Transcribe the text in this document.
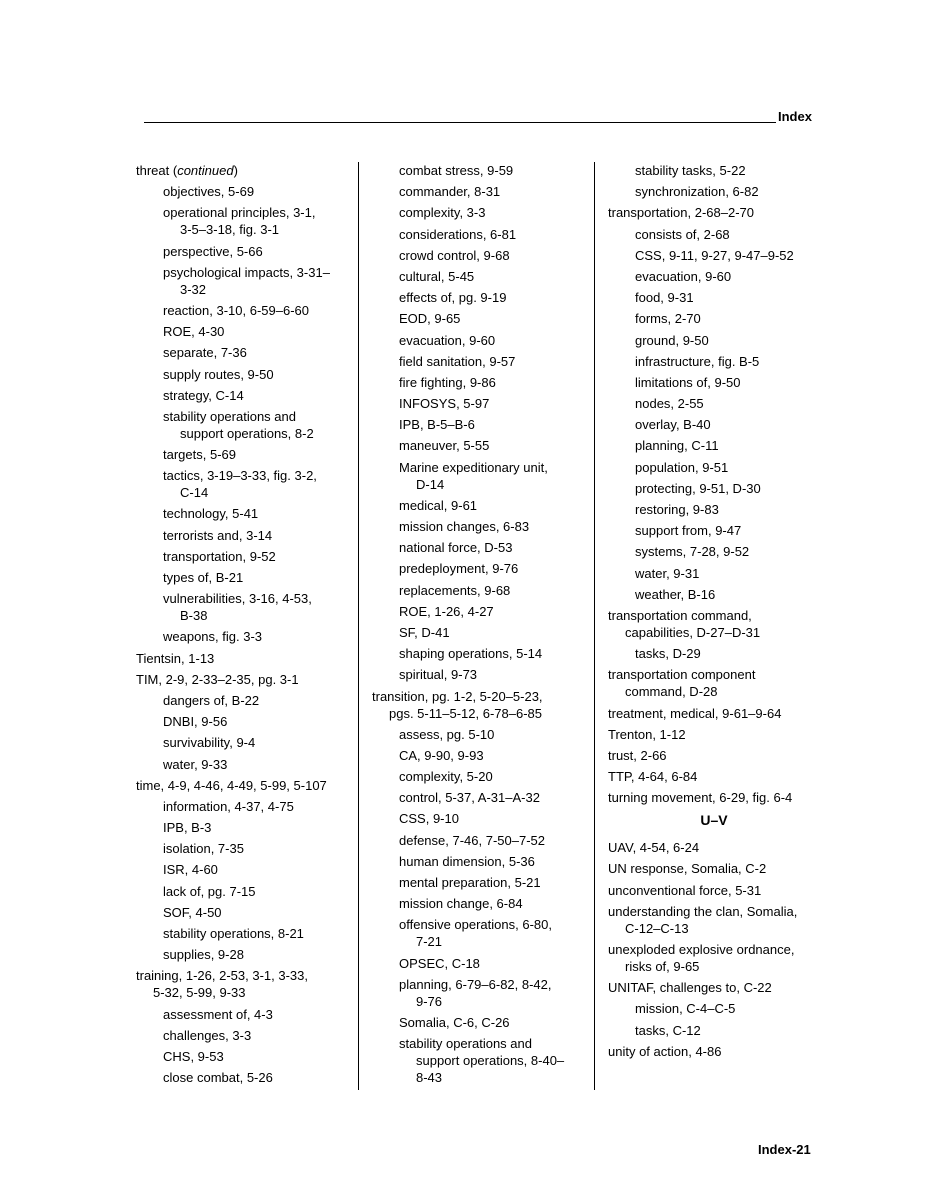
Index
threat (continued)
objectives, 5-69
operational principles, 3-1,
3-5–3-18, fig. 3-1
perspective, 5-66
psychological impacts, 3-31–
3-32
reaction, 3-10, 6-59–6-60
ROE, 4-30
separate, 7-36
supply routes, 9-50
strategy, C-14
stability operations and
support operations, 8-2
targets, 5-69
tactics, 3-19–3-33, fig. 3-2,
C-14
technology, 5-41
terrorists and, 3-14
transportation, 9-52
types of, B-21
vulnerabilities, 3-16, 4-53,
B-38
weapons, fig. 3-3
Tientsin, 1-13
TIM, 2-9, 2-33–2-35, pg. 3-1
dangers of, B-22
DNBI, 9-56
survivability, 9-4
water, 9-33
time, 4-9, 4-46, 4-49, 5-99, 5-107
information, 4-37, 4-75
IPB, B-3
isolation, 7-35
ISR, 4-60
lack of, pg. 7-15
SOF, 4-50
stability operations, 8-21
supplies, 9-28
training, 1-26, 2-53, 3-1, 3-33,
5-32, 5-99, 9-33
assessment of, 4-3
challenges, 3-3
CHS, 9-53
close combat, 5-26
combat stress, 9-59
commander, 8-31
complexity, 3-3
considerations, 6-81
crowd control, 9-68
cultural, 5-45
effects of, pg. 9-19
EOD, 9-65
evacuation, 9-60
field sanitation, 9-57
fire fighting, 9-86
INFOSYS, 5-97
IPB, B-5–B-6
maneuver, 5-55
Marine expeditionary unit,
D-14
medical, 9-61
mission changes, 6-83
national force, D-53
predeployment, 9-76
replacements, 9-68
ROE, 1-26, 4-27
SF, D-41
shaping operations, 5-14
spiritual, 9-73
transition, pg. 1-2, 5-20–5-23,
pgs. 5-11–5-12, 6-78–6-85
assess, pg. 5-10
CA, 9-90, 9-93
complexity, 5-20
control, 5-37, A-31–A-32
CSS, 9-10
defense, 7-46, 7-50–7-52
human dimension, 5-36
mental preparation, 5-21
mission change, 6-84
offensive operations, 6-80,
7-21
OPSEC, C-18
planning, 6-79–6-82, 8-42,
9-76
Somalia, C-6, C-26
stability operations and
support operations, 8-40–
8-43
stability tasks, 5-22
synchronization, 6-82
transportation, 2-68–2-70
consists of, 2-68
CSS, 9-11, 9-27, 9-47–9-52
evacuation, 9-60
food, 9-31
forms, 2-70
ground, 9-50
infrastructure, fig. B-5
limitations of, 9-50
nodes, 2-55
overlay, B-40
planning, C-11
population, 9-51
protecting, 9-51, D-30
restoring, 9-83
support from, 9-47
systems, 7-28, 9-52
water, 9-31
weather, B-16
transportation command,
capabilities, D-27–D-31
tasks, D-29
transportation component
command, D-28
treatment, medical, 9-61–9-64
Trenton, 1-12
trust, 2-66
TTP, 4-64, 6-84
turning movement, 6-29, fig. 6-4
U–V
UAV, 4-54, 6-24
UN response, Somalia, C-2
unconventional force, 5-31
understanding the clan, Somalia,
C-12–C-13
unexploded explosive ordnance,
risks of, 9-65
UNITAF, challenges to, C-22
mission, C-4–C-5
tasks, C-12
unity of action, 4-86
Index-21
